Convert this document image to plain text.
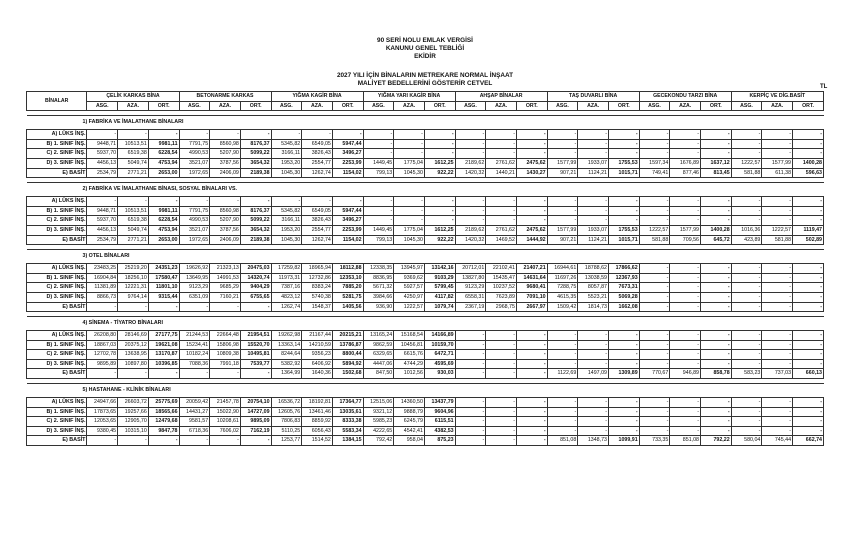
90 SERİ NOLU EMLAK VERGİSİ
KANUNU GENEL TEBLİĞİ
EKİDİR
2027 YILI İÇİN BİNALARIN METREKARE NORMAL İNŞAAT
MALİYET BEDELLERİNİ GÖSTERİR CETVEL	TL
BİNALAR	ÇELİK KARKAS BİNA			BETONARME KARKAS			YIĞMA KAGİR BİNA			YIĞMA YARI KAGİR BİNA			AHŞAP BİNALAR			TAŞ DUVARLI BİNA			GECEKONDU TARZI BİNA			KERPİÇ VE DİG.BASİT		
	ASG.	AZA.	ORT.	ASG.	AZA.	ORT.	ASG.	AZA.	ORT.	ASG.	AZA.	ORT.	ASG.	AZA.	ORT.	ASG.	AZA.	ORT.	ASG.	AZA.	ORT.	ASG.	AZA.	ORT.

1) FABRİKA VE İMALATHANE BİNALARI																								
A) LÜKS İNŞ.	-	-	-	-	-	-	-	-	-	-	-	-	-	-	-	-	-	-	-	-	-	-	-	-
B) 1. SINIF İNŞ.	9448,71	10513,51	9981,11	7791,75	8560,98	8176,37	5345,82	6549,05	5947,44	-	-	-	-	-	-	-	-	-	-	-	-	-	-	-
C) 2. SINIF İNŞ.	5937,70	6519,38	6228,54	4990,53	5207,90	5099,22	3166,11	3826,43	3496,27	-	-	-	-	-	-	-	-	-	-	-	-	-	-	-
D) 3. SINIF İNŞ.	4456,13	5049,74	4753,94	3521,07	3787,56	3654,32	1953,20	2554,77	2253,99	1449,45	1775,04	1612,25	2189,62	2761,62	2475,62	1577,99	1933,07	1755,53	1597,34	1676,89	1637,12	1222,57	1577,99	1400,28
E) BASİT	2534,79	2771,21	2653,00	1972,65	2406,09	2189,38	1045,30	1262,74	1154,02	799,13	1045,30	922,22	1420,32	1440,21	1430,27	907,21	1124,21	1015,71	749,41	877,46	813,45	581,88	611,38	596,63

2) FABRİKA VE İMALATHANE BİNASI, SOSYAL BİNALARI VS.																								
A) LÜKS İNŞ.	-	-	-	-	-	-	-	-	-	-	-	-	-	-	-	-	-	-	-	-	-	-	-	-
B) 1. SINIF İNŞ.	9448,71	10513,51	9981,11	7791,75	8560,98	8176,37	5345,82	6549,05	5947,44	-	-	-	-	-	-	-	-	-	-	-	-	-	-	-
C) 2. SINIF İNŞ.	5937,70	6519,38	6228,54	4990,53	5207,90	5099,22	3166,11	3826,43	3496,27	-	-	-	-	-	-	-	-	-	-	-	-	-	-	-
D) 3. SINIF İNŞ.	4456,13	5049,74	4753,94	3521,07	3787,56	3654,32	1953,20	2554,77	2253,99	1449,45	1775,04	1612,25	2189,62	2761,62	2475,62	1577,99	1933,07	1755,53	1222,57	1577,99	1400,28	1016,36	1222,57	1119,47
E) BASİT	2534,79	2771,21	2653,00	1972,65	2406,09	2189,38	1045,30	1262,74	1154,02	799,13	1045,30	922,22	1420,32	1469,52	1444,92	907,21	1124,21	1015,71	581,88	709,56	645,72	423,89	581,88	502,89

3) OTEL BİNALARI																								
A) LÜKS İNŞ.	23483,25	25219,20	24351,23	19626,92	21323,13	20475,03	17259,82	18965,94	18112,88	12338,35	13945,97	13142,16	20712,01	22102,41	21407,21	16944,61	18788,62	17866,62	-	-	-	-	-	-
B) 1. SINIF İNŞ.	16904,84	18256,10	17580,47	13649,95	14991,53	14320,74	11973,31	12732,86	12353,10	8836,95	9369,62	9103,29	13827,80	15435,47	14631,64	11697,26	13038,59	12367,93	-	-	-	-	-	-
C) 2. SINIF İNŞ.	11381,89	12221,31	11801,10	9123,29	9685,29	9404,29	7387,16	8383,24	7885,20	5671,32	5927,57	5799,45	9123,29	10237,52	9680,41	7288,75	8057,87	7673,31	-	-	-	-	-	-
D) 3. SINIF İNŞ.	8866,73	9764,14	9315,44	6351,09	7160,21	6755,65	4823,12	5740,38	5281,75	3984,66	4250,97	4117,82	6558,31	7623,89	7091,10	4615,35	5523,21	5069,28	-	-	-	-	-	-
E) BASİT	-	-	-	-	-	-	1262,74	1548,37	1405,56	936,90	1222,57	1079,74	2367,19	2968,75	2667,97	1509,42	1814,73	1662,08	-	-	-	-	-	-

4) SİNEMA - TİYATRO BİNALARI																								
A) LÜKS İNŞ.	26208,80	28146,69	27177,75	21244,53	22664,48	21954,51	19262,98	21167,44	20215,21	13165,24	15168,54	14166,89	-	-	-	-	-	-	-	-	-	-	-	-
B) 1. SINIF İNŞ.	18867,03	20375,12	19621,08	15234,41	15806,98	15520,70	13363,14	14210,59	13786,87	9862,59	10456,81	10159,70	-	-	-	-	-	-	-	-	-	-	-	-
C) 2. SINIF İNŞ.	12702,78	13638,95	13170,87	10182,24	10809,38	10495,81	8244,64	9356,23	8800,44	6329,65	6615,76	6472,71	-	-	-	-	-	-	-	-	-	-	-	-
D) 3. SINIF İNŞ.	9895,89	10897,80	10396,85	7088,36	7991,18	7539,77	5382,92	6406,92	5894,92	4447,06	4744,29	4595,69	-	-	-	-	-	-	-	-	-	-	-	-
E) BASİT	-	-	-	-	-	-	1364,99	1640,36	1502,68	847,50	1012,56	930,03	-	-	-	1122,69	1497,09	1309,89	770,67	946,89	858,78	583,23	737,03	660,13

5) HASTAHANE - KLİNİK BİNALARI																								
A) LÜKS İNŞ.	24947,66	26603,72	25775,69	20059,42	21457,78	20754,10	16536,72	18192,81	17364,77	12515,06	14360,50	13437,79	-	-	-	-	-	-	-	-	-	-	-	-
B) 1. SINIF İNŞ.	17873,65	19257,66	18565,66	14431,27	15022,90	14727,09	12605,76	13461,46	13035,61	9321,12	9888,79	9604,96	-	-	-	-	-	-	-	-	-	-	-	-
C) 2. SINIF İNŞ.	12053,65	12905,70	12479,68	9581,57	10208,61	9895,09	7806,83	8859,92	8333,38	5985,23	6245,79	6115,51	-	-	-	-	-	-	-	-	-	-	-	-
D) 3. SINIF İNŞ.	9380,45	10315,10	9847,78	6718,36	7606,02	7162,19	5110,25	6056,43	5583,34	4222,65	4542,41	4382,53	-	-	-	-	-	-	-	-	-	-	-	-
E) BASİT	-	-	-	-	-	-	1253,77	1514,52	1384,15	792,42	958,04	875,23	-	-	-	851,08	1348,73	1099,91	733,35	851,08	792,22	580,04	745,44	662,74
